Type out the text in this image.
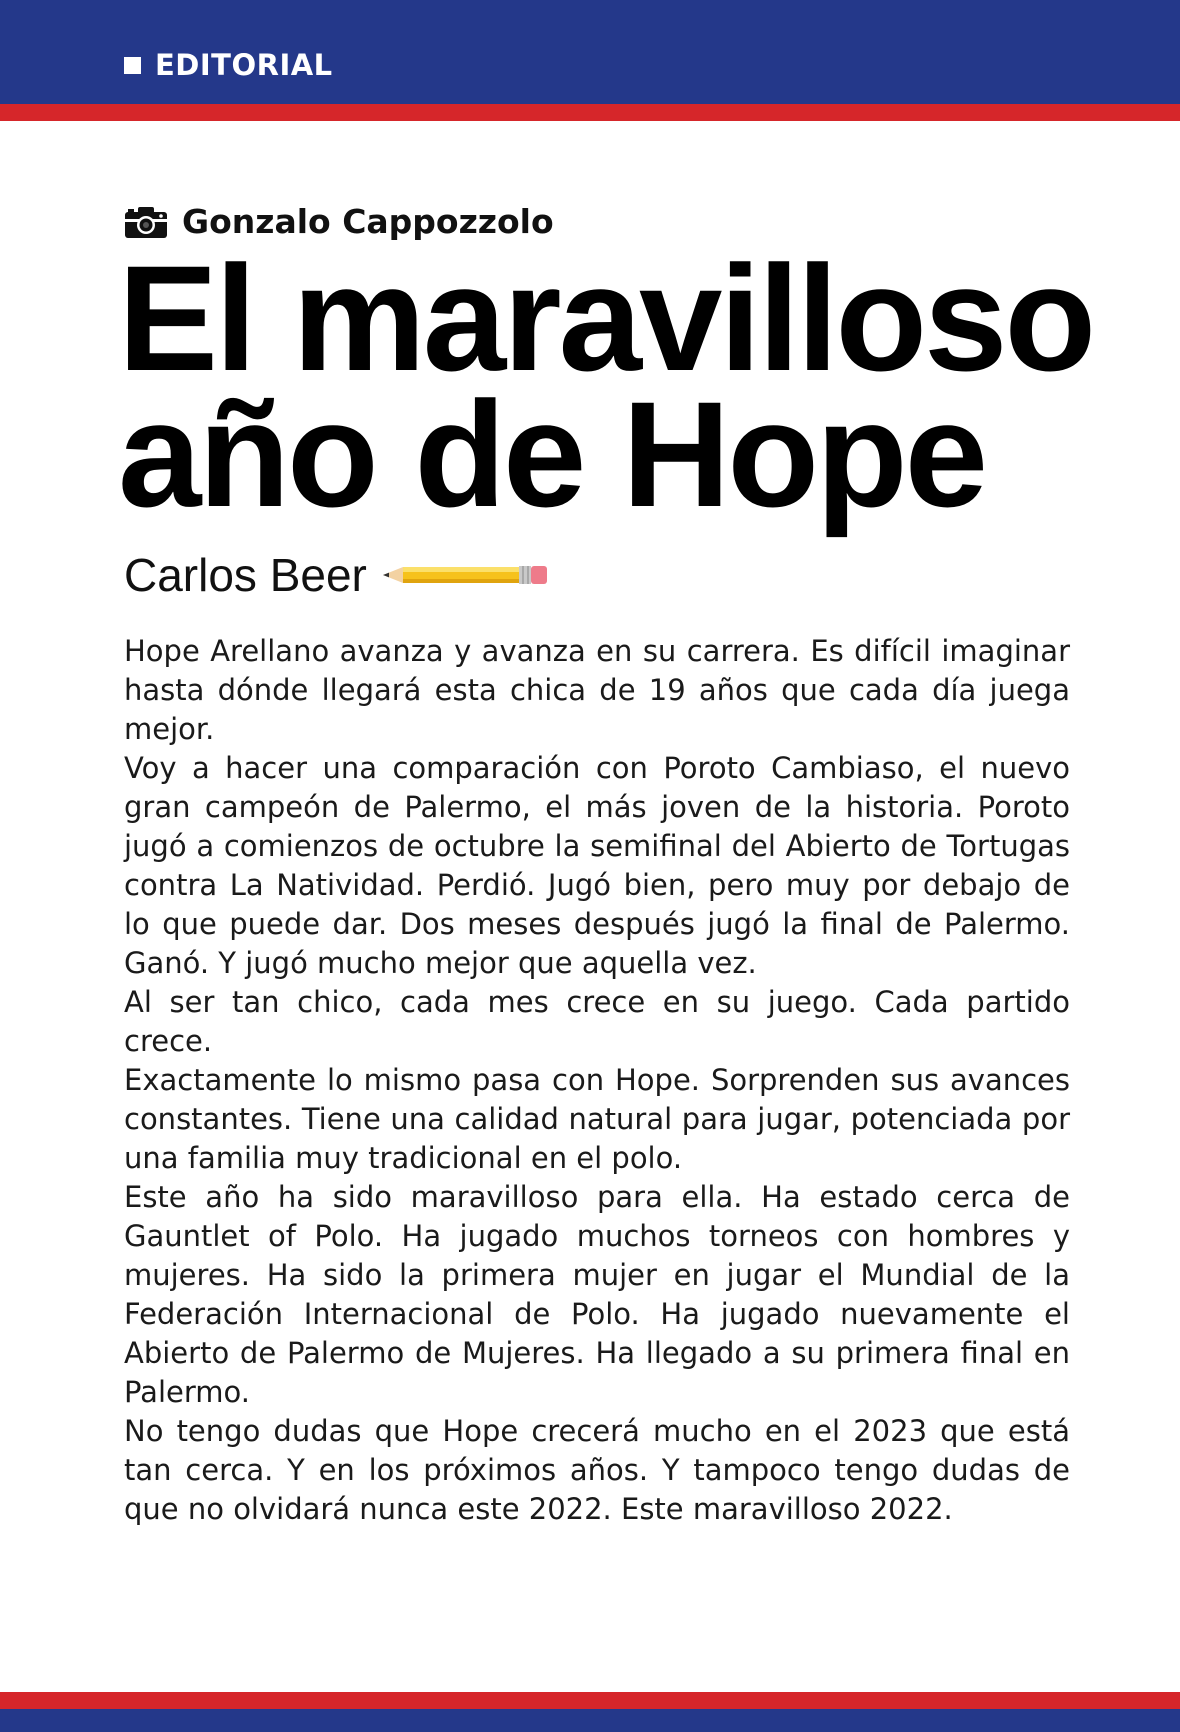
EDITORIAL
Gonzalo Cappozzolo
El maravilloso
año de Hope
Carlos Beer

Hope Arellano avanza y avanza en su carrera. Es difícil imaginar hasta dónde llegará esta chica de 19 años que cada día juega mejor.

Voy a hacer una comparación con Poroto Cambiaso, el nuevo gran campeón de Palermo, el más joven de la historia. Poroto jugó a comienzos de octubre la semifinal del Abierto de Tortugas contra La Natividad. Perdió. Jugó bien, pero muy por debajo de lo que puede dar. Dos meses después jugó la final de Palermo. Ganó. Y jugó mucho mejor que aquella vez.

Al ser tan chico, cada mes crece en su juego. Cada partido crece.

Exactamente lo mismo pasa con Hope. Sorprenden sus avances constantes. Tiene una calidad natural para jugar, potenciada por una familia muy tradicional en el polo.

Este año ha sido maravilloso para ella. Ha estado cerca de Gauntlet of Polo. Ha jugado muchos torneos con hombres y mujeres. Ha sido la primera mujer en jugar el Mundial de la Federación Internacional de Polo. Ha jugado nuevamente el Abierto de Palermo de Mujeres. Ha llegado a su primera final en Palermo.

No tengo dudas que Hope crecerá mucho en el 2023 que está tan cerca. Y en los próximos años. Y tampoco tengo dudas de que no olvidará nunca este 2022. Este maravilloso 2022.
